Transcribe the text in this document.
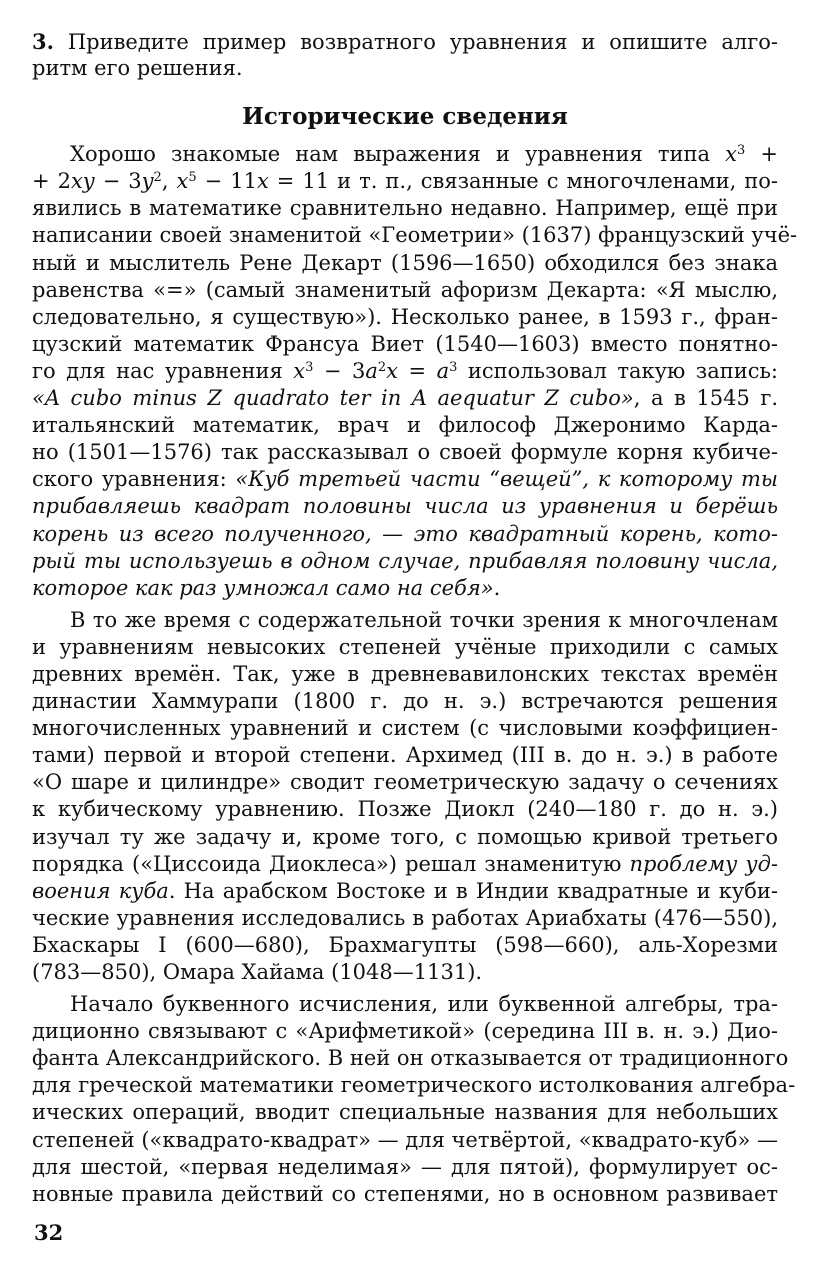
3. Приведите пример возвратного уравнения и опишите алго-
ритм его решения.
Исторические сведения
Хорошо знакомые нам выражения и уравнения типа $x^3$ +
+ $2xy - 3y^2$, $x^5 - 11x = 11$ и т. п., связанные с многочленами, по-
явились в математике сравнительно недавно. Например, ещё при
написании своей знаменитой «Геометрии» (1637) французский учё-
ный и мыслитель Рене Декарт (1596—1650) обходился без знака
равенства «=» (самый знаменитый афоризм Декарта: «Я мыслю,
следовательно, я существую»). Несколько ранее, в 1593 г., фран-
цузский математик Франсуа Виет (1540—1603) вместо понятно-
го для нас уравнения $x^3 - 3a^2x = a^3$ использовал такую запись:
«A cubo minus Z quadrato ter in A aequatur Z cubo», а в 1545 г.
итальянский математик, врач и философ Джеронимо Карда-
но (1501—1576) так рассказывал о своей формуле корня кубиче-
ского уравнения: «Куб третьей части “вещей”, к которому ты
прибавляешь квадрат половины числа из уравнения и берёшь
корень из всего полученного, — это квадратный корень, кото-
рый ты используешь в одном случае, прибавляя половину числа,
которое как раз умножал само на себя».
В то же время с содержательной точки зрения к многочленам
и уравнениям невысоких степеней учёные приходили с самых
древних времён. Так, уже в древневавилонских текстах времён
династии Хаммурапи (1800 г. до н. э.) встречаются решения
многочисленных уравнений и систем (с числовыми коэффициен-
тами) первой и второй степени. Архимед (III в. до н. э.) в работе
«О шаре и цилиндре» сводит геометрическую задачу о сечениях
к кубическому уравнению. Позже Диокл (240—180 г. до н. э.)
изучал ту же задачу и, кроме того, с помощью кривой третьего
порядка («Циссоида Диоклеса») решал знаменитую проблему уд-
воения куба. На арабском Востоке и в Индии квадратные и куби-
ческие уравнения исследовались в работах Ариабхаты (476—550),
Бхаскары I (600—680), Брахмагупты (598—660), аль-Хорезми
(783—850), Омара Хайама (1048—1131).
Начало буквенного исчисления, или буквенной алгебры, тра-
диционно связывают с «Арифметикой» (середина III в. н. э.) Дио-
фанта Александрийского. В ней он отказывается от традиционного
для греческой математики геометрического истолкования алгебра-
ических операций, вводит специальные названия для небольших
степеней («квадрато-квадрат» — для четвёртой, «квадрато-куб» —
для шестой, «первая неделимая» — для пятой), формулирует ос-
новные правила действий со степенями, но в основном развивает
32
